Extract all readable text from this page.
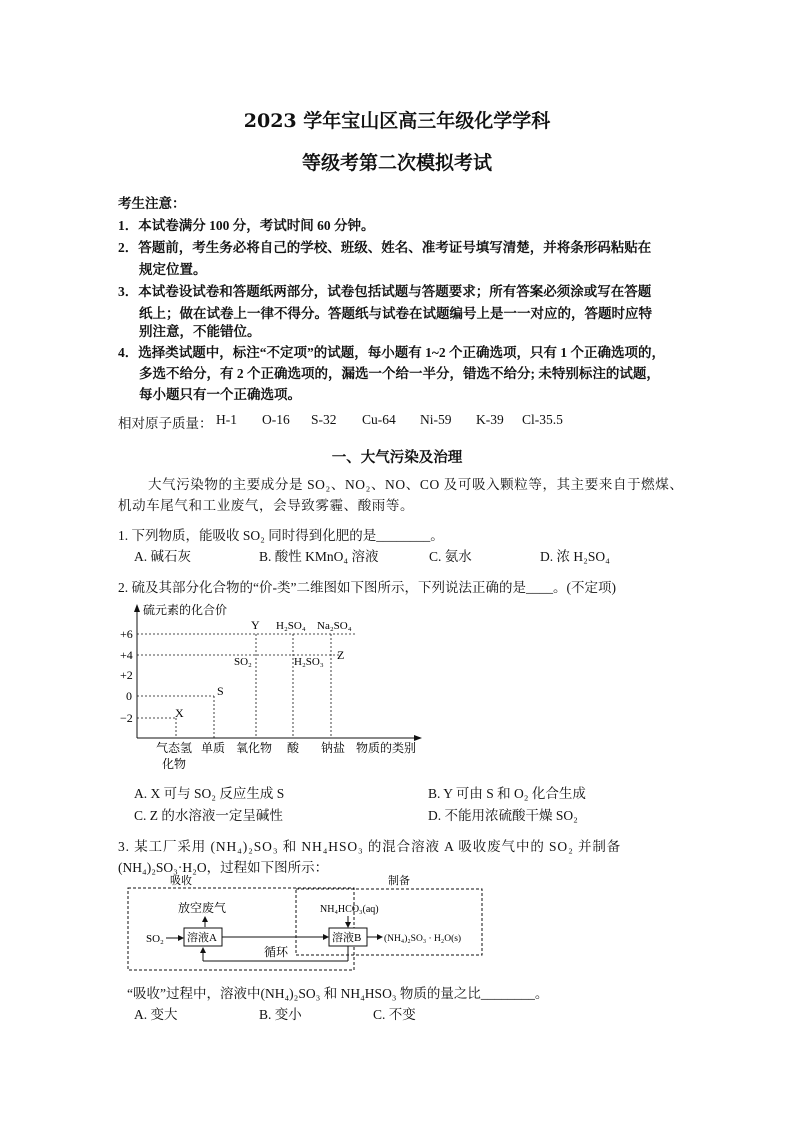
2023 学年宝山区高三年级化学学科
等级考第二次模拟考试
考生注意：
1．本试卷满分 100 分，考试时间 60 分钟。
2．答题前，考生务必将自己的学校、班级、姓名、准考证号填写清楚，并将条形码粘贴在
规定位置。
3．本试卷设试卷和答题纸两部分，试卷包括试题与答题要求；所有答案必须涂或写在答题
纸上；做在试卷上一律不得分。答题纸与试卷在试题编号上是一一对应的，答题时应特
别注意，不能错位。
4．选择类试题中，标注“不定项”的试题，每小题有 1~2 个正确选项，只有 1 个正确选项的，
多选不给分，有 2 个正确选项的，漏选一个给一半分，错选不给分; 未特别标注的试题，
每小题只有一个正确选项。
相对原子质量： H-1 O-16 S-32 Cu-64 Ni-59 K-39 Cl-35.5
一、大气污染及治理
大气污染物的主要成分是 SO₂、NO₂、NO、CO 及可吸入颗粒等，其主要来自于燃煤、
机动车尾气和工业废气，会导致雾霾、酸雨等。
1. 下列物质，能吸收 SO₂ 同时得到化肥的是________。
A. 碱石灰	B. 酸性 KMnO₄ 溶液	C. 氨水	D. 浓 H₂SO₄
2. 硫及其部分化合物的“价-类”二维图如下图所示，下列说法正确的是____。(不定项)
硫元素的化合价
+6
+4
+2
0
−2	X
S
SO₂
Y H₂SO₄
H₂SO₃
Na₂SO₄
Z
气态氢
化物
单质 氧化物 酸 钠盐 物质的类别
A. X 可与 SO₂ 反应生成 S	B. Y 可由 S 和 O₂ 化合生成
C. Z 的水溶液一定呈碱性	D. 不能用浓硫酸干燥 SO₂
3. 某工厂采用 (NH₄)₂SO₃ 和 NH₄HSO₃ 的混合溶液 A 吸收废气中的 SO₂ 并制备
(NH₄)₂SO₃·H₂O，过程如下图所示：
吸收	制备
放空废气
SO₂ 溶液A
NH₄HCO₃(aq)
溶液B (NH₄)₂SO₃ · H₂O(s)
循环
“吸收”过程中，溶液中(NH₄)₂SO₃ 和 NH₄HSO₃ 物质的量之比________。
A. 变大	B. 变小	C. 不变
